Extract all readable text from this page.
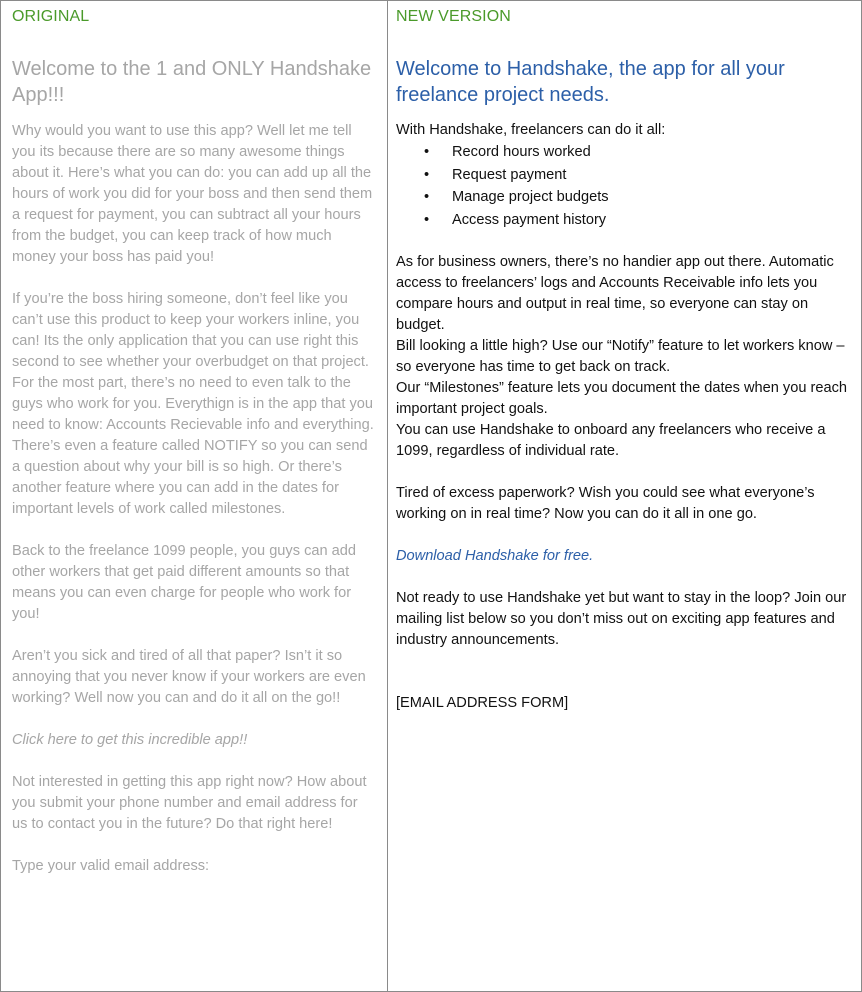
ORIGINAL
Welcome to the 1 and ONLY Handshake App!!!

Why would you want to use this app? Well let me tell you its because there are so many awesome things about it. Here’s what you can do: you can add up all the hours of work you did for your boss and then send them a request for payment, you can subtract all your hours from the budget, you can keep track of how much money your boss has paid you!

If you’re the boss hiring someone, don’t feel like you can’t use this product to keep your workers inline, you can! Its the only application that you can use right this second to see whether your overbudget on that project. For the most part, there’s no need to even talk to the guys who work for you. Everythign is in the app that you need to know: Accounts Recievable info and everything. There’s even a feature called NOTIFY so you can send a question about why your bill is so high. Or there’s another feature where you can add in the dates for important levels of work called milestones.

Back to the freelance 1099 people, you guys can add other workers that get paid different amounts so that means you can even charge for people who work for you!

Aren’t you sick and tired of all that paper? Isn’t it so annoying that you never know if your workers are even working? Well now you can and do it all on the go!!

Click here to get this incredible app!!

Not interested in getting this app right now? How about you submit your phone number and email address for us to contact you in the future? Do that right here!

Type your valid email address:

NEW VERSION
Welcome to Handshake, the app for all your freelance project needs.

With Handshake, freelancers can do it all:

• Record hours worked
• Request payment
• Manage project budgets
• Access payment history

As for business owners, there’s no handier app out there. Automatic access to freelancers’ logs and Accounts Receivable info lets you compare hours and output in real time, so everyone can stay on budget.

Bill looking a little high? Use our “Notify” feature to let workers know – so everyone has time to get back on track.

Our “Milestones” feature lets you document the dates when you reach important project goals.

You can use Handshake to onboard any freelancers who receive a 1099, regardless of individual rate.

Tired of excess paperwork? Wish you could see what everyone’s working on in real time? Now you can do it all in one go.

Download Handshake for free.

Not ready to use Handshake yet but want to stay in the loop? Join our mailing list below so you don’t miss out on exciting app features and industry announcements.

[EMAIL ADDRESS FORM]
